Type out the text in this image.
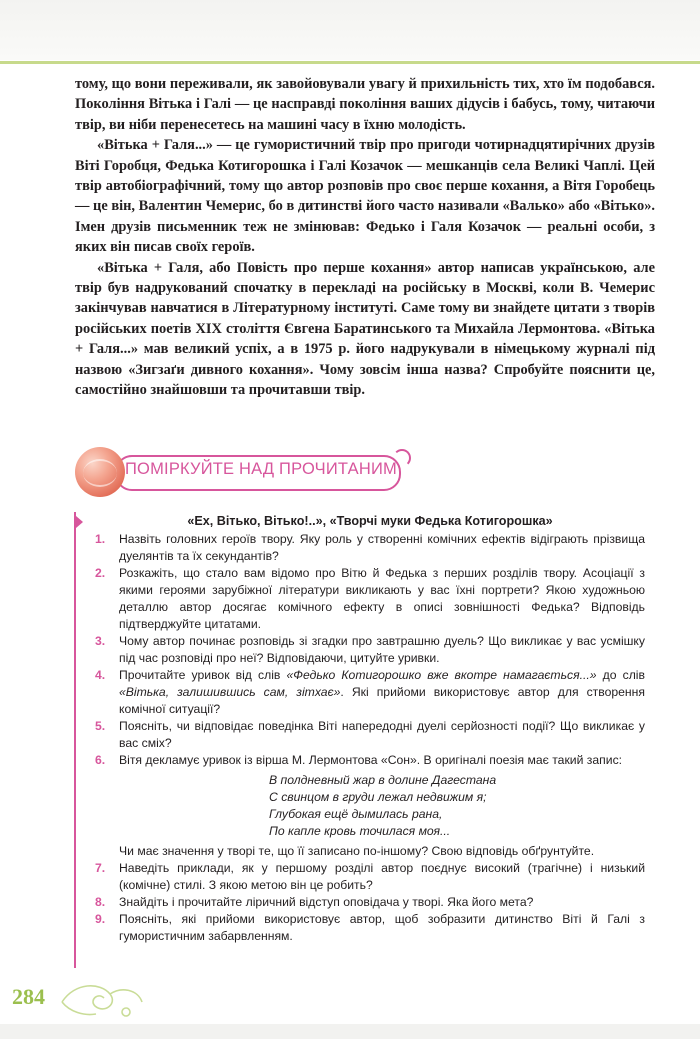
тому, що вони переживали, як завойовували увагу й прихильність тих, хто їм подобався. Покоління Вітька і Галі — це насправді покоління ваших дідусів і бабусь, тому, читаючи твір, ви ніби перенесетесь на машині часу в їхню молодість.

«Вітька + Галя...» — це гумористичний твір про пригоди чотирнадцятирічних друзів Віті Горобця, Федька Котигорошка і Галі Козачок — мешканців села Великі Чаплі. Цей твір автобіографічний, тому що автор розповів про своє перше кохання, а Вітя Горобець — це він, Валентин Чемерис, бо в дитинстві його часто називали «Валько» або «Вітько». Імен друзів письменник теж не змінював: Федько і Галя Козачок — реальні особи, з яких він писав своїх героїв.

«Вітька + Галя, або Повість про перше кохання» автор написав українською, але твір був надрукований спочатку в перекладі на російську в Москві, коли В. Чемерис закінчував навчатися в Літературному інституті. Саме тому ви знайдете цитати з творів російських поетів XIX століття Євгена Баратинського та Михайла Лермонтова. «Вітька + Галя...» мав великий успіх, а в 1975 р. його надрукували в німецькому журналі під назвою «Зигзаґи дивного кохання». Чому зовсім інша назва? Спробуйте пояснити це, самостійно знайшовши та прочитавши твір.

ПОМІРКУЙТЕ НАД ПРОЧИТАНИМ
«Ех, Вітько, Вітько!..», «Творчі муки Федька Котигорошка»
1. Назвіть головних героїв твору. Яку роль у створенні комічних ефектів відіграють прізвища дуелянтів та їх секундантів?
2. Розкажіть, що стало вам відомо про Вітю й Федька з перших розділів твору. Асоціації з якими героями зарубіжної літератури викликають у вас їхні портрети? Якою художньою деталлю автор досягає комічного ефекту в описі зовнішності Федька? Відповідь підтверджуйте цитатами.
3. Чому автор починає розповідь зі згадки про завтрашню дуель? Що викликає у вас усмішку під час розповіді про неї? Відповідаючи, цитуйте уривки.
4. Прочитайте уривок від слів «Федько Котигорошко вже вкотре намагається...» до слів «Вітька, залишившись сам, зітхає». Які прийоми використовує автор для створення комічної ситуації?
5. Поясніть, чи відповідає поведінка Віті напередодні дуелі серйозності події? Що викликає у вас сміх?
6. Вітя декламує уривок із вірша М. Лермонтова «Сон». В оригіналі поезія має такий запис:
В полдневный жар в долине Дагестана
С свинцом в груди лежал недвижим я;
Глубокая ещё дымилась рана,
По капле кровь точилася моя...
Чи має значення у творі те, що її записано по-іншому? Свою відповідь обґрунтуйте.
7. Наведіть приклади, як у першому розділі автор поєднує високий (трагічне) і низький (комічне) стилі. З якою метою він це робить?
8. Знайдіть і прочитайте ліричний відступ оповідача у творі. Яка його мета?
9. Поясніть, які прийоми використовує автор, щоб зобразити дитинство Віті й Галі з гумористичним забарвленням.
284
